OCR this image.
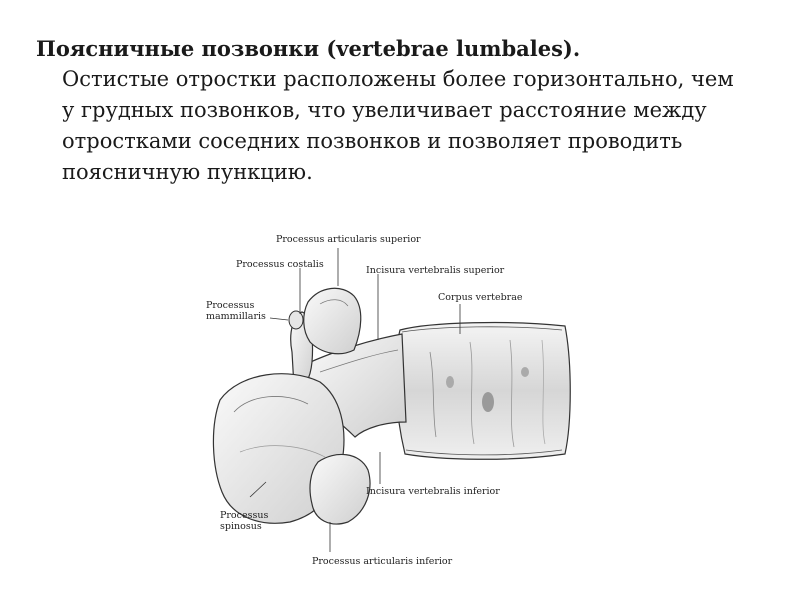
Поясничные позвонки (vertebrae lumbales).

Остистые отростки расположены более горизонтально, чем у грудных позвонков, что увеличивает расстояние между отростками соседних позвонков и позволяет проводить поясничную пункцию.

Processus articularis superior
Processus costalis
Incisura vertebralis superior
Corpus vertebrae
Processus mammillaris
Incisura vertebralis inferior
Processus spinosus
Processus articularis inferior
